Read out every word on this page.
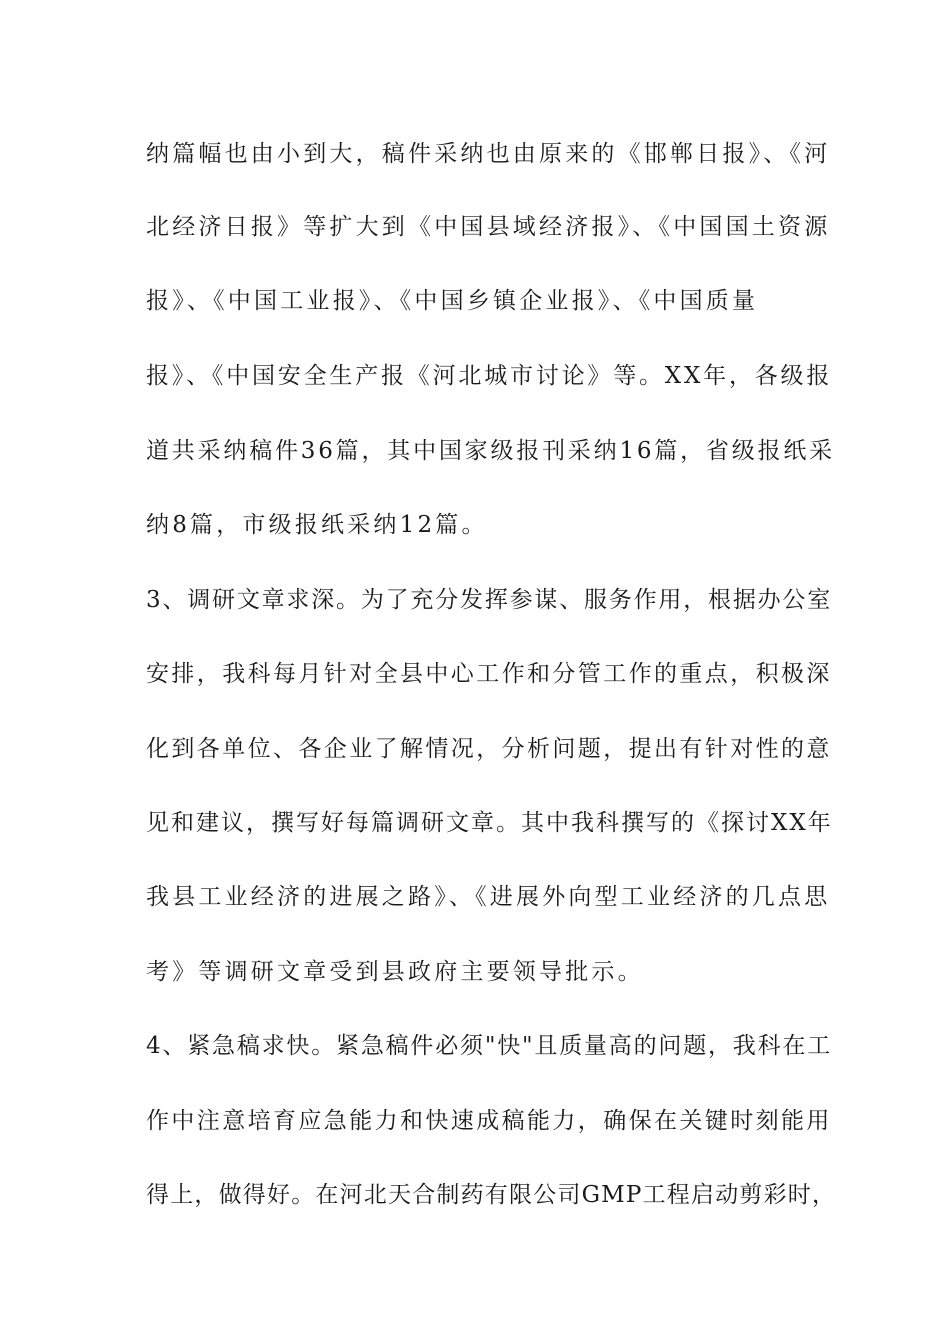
纳篇幅也由小到大，稿件采纳也由原来的《邯郸日报》、《河
北经济日报》等扩大到《中国县域经济报》、《中国国土资源
报》、《中国工业报》、《中国乡镇企业报》、《中国质量
报》、《中国安全生产报《河北城市讨论》等。XX年，各级报
道共采纳稿件36篇，其中国家级报刊采纳16篇，省级报纸采
纳8篇，市级报纸采纳12篇。
3、调研文章求深。为了充分发挥参谋、服务作用，根据办公室
安排，我科每月针对全县中心工作和分管工作的重点，积极深
化到各单位、各企业了解情况，分析问题，提出有针对性的意
见和建议，撰写好每篇调研文章。其中我科撰写的《探讨XX年
我县工业经济的进展之路》、《进展外向型工业经济的几点思
考》等调研文章受到县政府主要领导批示。
4、紧急稿求快。紧急稿件必须"快"且质量高的问题，我科在工
作中注意培育应急能力和快速成稿能力，确保在关键时刻能用
得上，做得好。在河北天合制药有限公司GMP工程启动剪彩时，
